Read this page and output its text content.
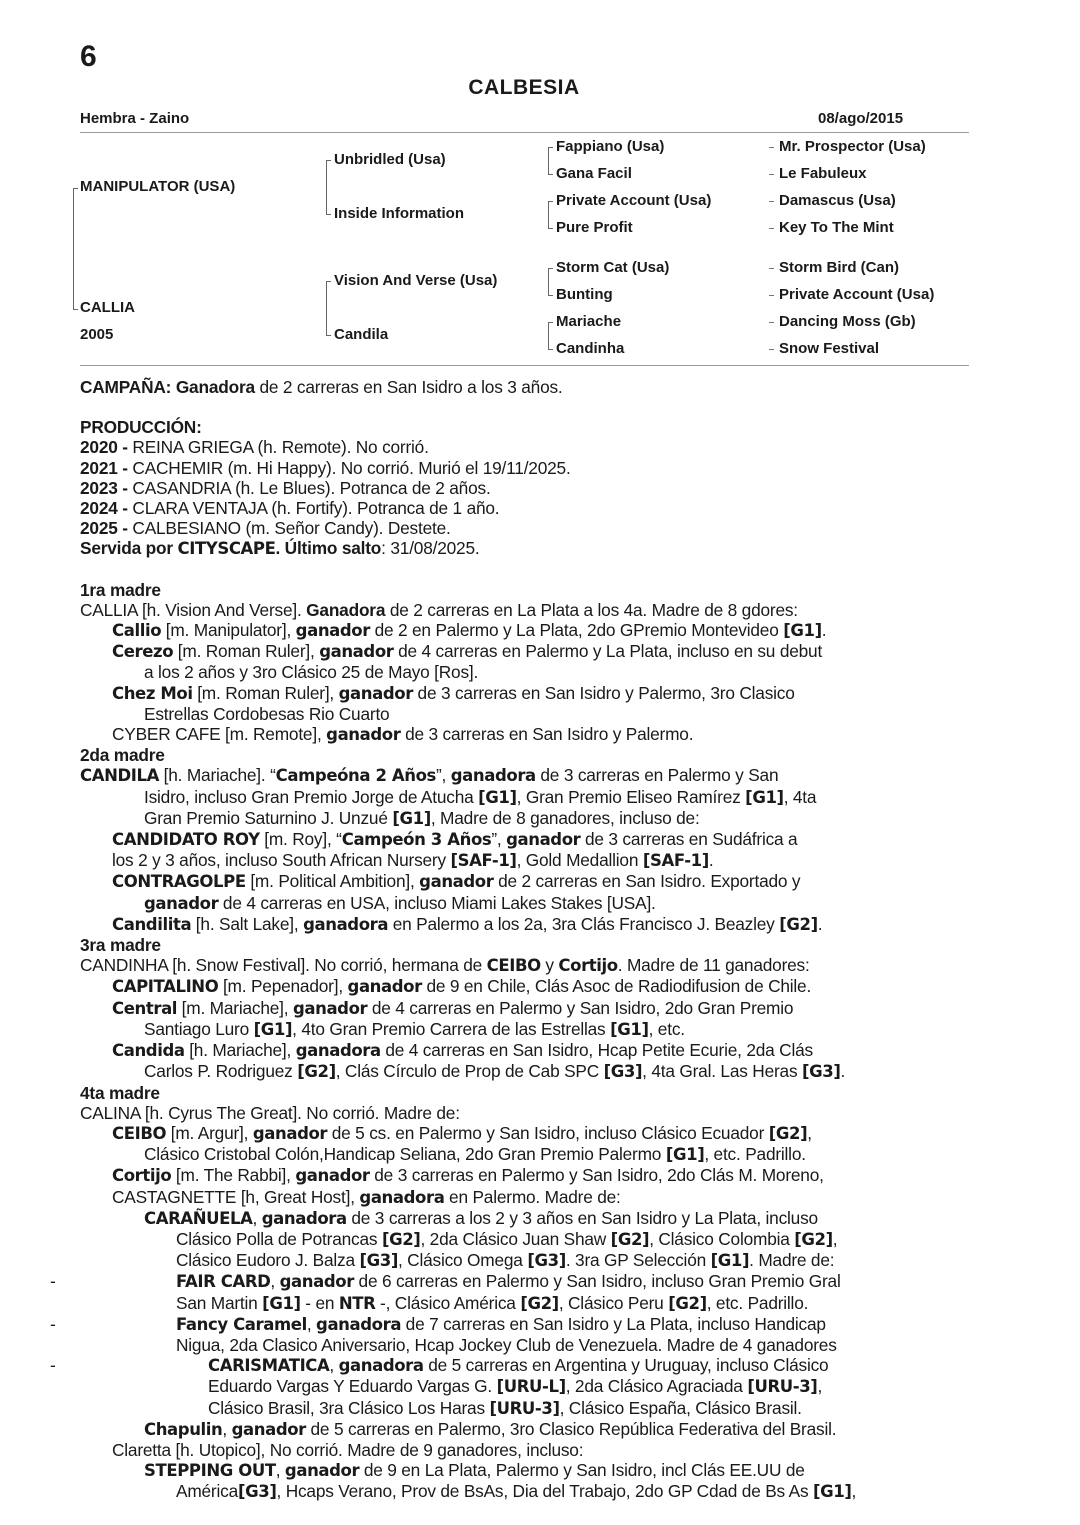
6
CALBESIA
Hembra - Zaino	08/ago/2015
MANIPULATOR (USA)
CALLIA
2005
Unbridled (Usa)
Inside Information
Vision And Verse (Usa)
Candila
Fappiano (Usa)
Gana Facil
Private Account (Usa)
Pure Profit
Storm Cat (Usa)
Bunting
Mariache
Candinha
Mr. Prospector (Usa)
Le Fabuleux
Damascus (Usa)
Key To The Mint
Storm Bird (Can)
Private Account (Usa)
Dancing Moss (Gb)
Snow Festival

CAMPAÑA: Ganadora de 2 carreras en San Isidro a los 3 años.

PRODUCCIÓN:

2020 - REINA GRIEGA (h. Remote). No corrió.

2021 - CACHEMIR (m. Hi Happy). No corrió. Murió el 19/11/2025.

2023 - CASANDRIA (h. Le Blues). Potranca de 2 años.

2024 - CLARA VENTAJA (h. Fortify). Potranca de 1 año.

2025 - CALBESIANO (m. Señor Candy). Destete.

Servida por CITYSCAPE. Último salto: 31/08/2025.

1ra madre

CALLIA [h. Vision And Verse]. Ganadora de 2 carreras en La Plata a los 4a. Madre de 8 gdores:

Callio [m. Manipulator], ganador de 2 en Palermo y La Plata, 2do GPremio Montevideo [G1].

Cerezo [m. Roman Ruler], ganador de 4 carreras en Palermo y La Plata, incluso en su debut

a los 2 años y 3ro Clásico 25 de Mayo [Ros].

Chez Moi [m. Roman Ruler], ganador de 3 carreras en San Isidro y Palermo, 3ro Clasico

Estrellas Cordobesas Rio Cuarto

CYBER CAFE [m. Remote], ganador de 3 carreras en San Isidro y Palermo.

2da madre

CANDILA [h. Mariache]. “Campeóna 2 Años”, ganadora de 3 carreras en Palermo y San

Isidro, incluso Gran Premio Jorge de Atucha [G1], Gran Premio Eliseo Ramírez [G1], 4ta

Gran Premio Saturnino J. Unzué [G1], Madre de 8 ganadores, incluso de:

CANDIDATO ROY [m. Roy], “Campeón 3 Años”, ganador de 3 carreras en Sudáfrica a

los 2 y 3 años, incluso South African Nursery [SAF-1], Gold Medallion [SAF-1].

CONTRAGOLPE [m. Political Ambition], ganador de 2 carreras en San Isidro. Exportado y

ganador de 4 carreras en USA, incluso Miami Lakes Stakes [USA].

Candilita [h. Salt Lake], ganadora en Palermo a los 2a, 3ra Clás Francisco J. Beazley [G2].

3ra madre

CANDINHA [h. Snow Festival]. No corrió, hermana de CEIBO y Cortijo. Madre de 11 ganadores:

CAPITALINO [m. Pepenador], ganador de 9 en Chile, Clás Asoc de Radiodifusion de Chile.

Central [m. Mariache], ganador de 4 carreras en Palermo y San Isidro, 2do Gran Premio

Santiago Luro [G1], 4to Gran Premio Carrera de las Estrellas [G1], etc.

Candida [h. Mariache], ganadora de 4 carreras en San Isidro, Hcap Petite Ecurie, 2da Clás

Carlos P. Rodriguez [G2], Clás Círculo de Prop de Cab SPC [G3], 4ta Gral. Las Heras [G3].

4ta madre

CALINA [h. Cyrus The Great]. No corrió. Madre de:

CEIBO [m. Argur], ganador de 5 cs. en Palermo y San Isidro, incluso Clásico Ecuador [G2],

Clásico Cristobal Colón,Handicap Seliana, 2do Gran Premio Palermo [G1], etc. Padrillo.

Cortijo [m. The Rabbi], ganador de 3 carreras en Palermo y San Isidro, 2do Clás M. Moreno,

CASTAGNETTE [h, Great Host], ganadora en Palermo. Madre de:

CARAÑUELA, ganadora de 3 carreras a los 2 y 3 años en San Isidro y La Plata, incluso

Clásico Polla de Potrancas [G2], 2da Clásico Juan Shaw [G2], Clásico Colombia [G2],

Clásico Eudoro J. Balza [G3], Clásico Omega [G3]. 3ra GP Selección [G1]. Madre de:

- FAIR CARD, ganador de 6 carreras en Palermo y San Isidro, incluso Gran Premio Gral

San Martin [G1] - en NTR -, Clásico América [G2], Clásico Peru [G2], etc. Padrillo.

- Fancy Caramel, ganadora de 7 carreras en San Isidro y La Plata, incluso Handicap

Nigua, 2da Clasico Aniversario, Hcap Jockey Club de Venezuela. Madre de 4 ganadores

- CARISMATICA, ganadora de 5 carreras en Argentina y Uruguay, incluso Clásico

Eduardo Vargas Y Eduardo Vargas G. [URU-L], 2da Clásico Agraciada [URU-3],

Clásico Brasil, 3ra Clásico Los Haras [URU-3], Clásico España, Clásico Brasil.

Chapulin, ganador de 5 carreras en Palermo, 3ro Clasico República Federativa del Brasil.

Claretta [h. Utopico], No corrió. Madre de 9 ganadores, incluso:

STEPPING OUT, ganador de 9 en La Plata, Palermo y San Isidro, incl Clás EE.UU de

América[G3], Hcaps Verano, Prov de BsAs, Dia del Trabajo, 2do GP Cdad de Bs As [G1],
